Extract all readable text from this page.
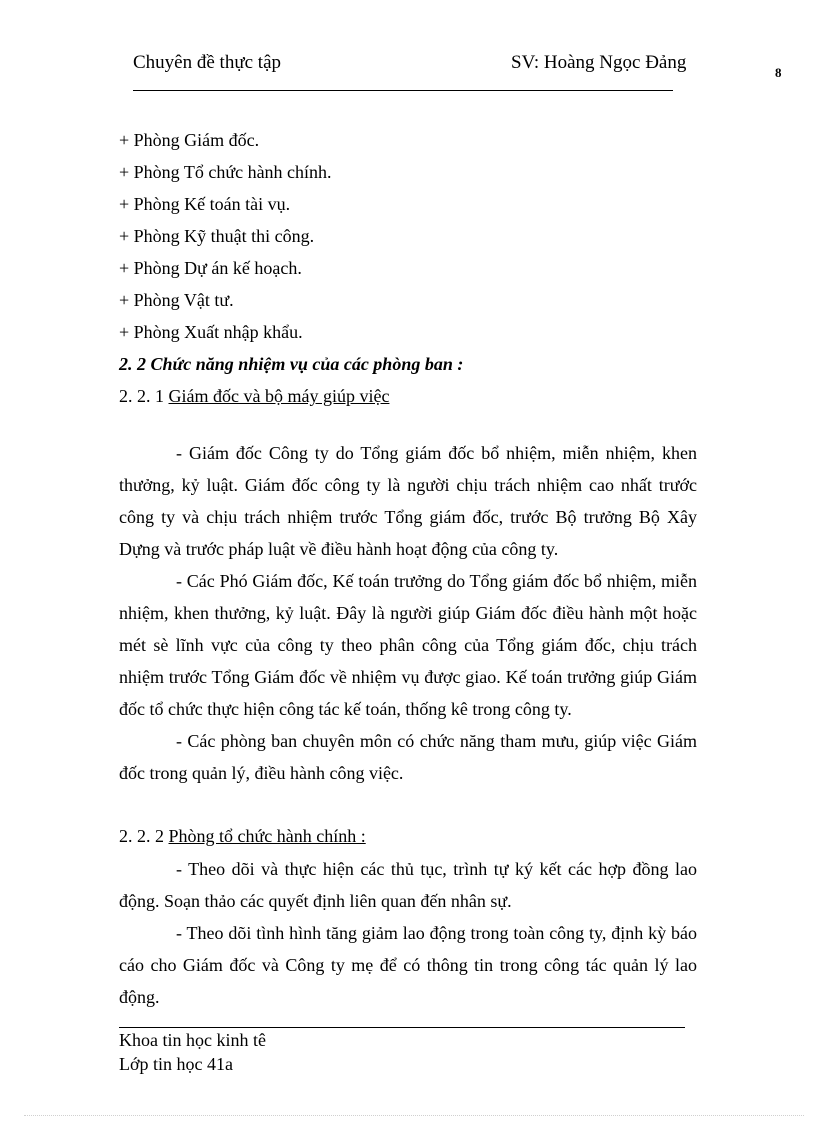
Chuyên đề thực tập	SV: Hoàng Ngọc Đảng	8
+ Phòng Giám đốc.
+ Phòng Tổ chức hành chính.
+ Phòng Kế toán tài vụ.
+ Phòng Kỹ thuật thi công.
+ Phòng Dự án kế hoạch.
+ Phòng Vật tư.
+ Phòng Xuất nhập khẩu.
2. 2 Chức năng nhiệm vụ của các phòng ban :
2. 2. 1 Giám đốc và bộ máy giúp việc

- Giám đốc Công ty do Tổng giám đốc bổ nhiệm, miễn nhiệm, khen thưởng, kỷ luật. Giám đốc công ty là người chịu trách nhiệm cao nhất trước công ty và chịu trách nhiệm trước Tổng giám đốc, trước Bộ trưởng Bộ Xây Dựng và trước pháp luật về điều hành hoạt động của công ty.

- Các Phó Giám đốc, Kế toán trưởng do Tổng giám đốc bổ nhiệm, miễn nhiệm, khen thưởng, kỷ luật. Đây là người giúp Giám đốc điều hành một hoặc mét sè lĩnh vực của công ty theo phân công của Tổng giám đốc, chịu trách nhiệm trước Tổng Giám đốc về nhiệm vụ được giao. Kế toán trưởng giúp Giám đốc tổ chức thực hiện công tác kế toán, thống kê trong công ty.

- Các phòng ban chuyên môn có chức năng tham mưu, giúp việc Giám đốc trong quản lý, điều hành công việc.

2. 2. 2 Phòng tổ chức hành chính :

- Theo dõi và thực hiện các thủ tục, trình tự ký kết các hợp đồng lao động. Soạn thảo các quyết định liên quan đến nhân sự.

- Theo dõi tình hình tăng giảm lao động trong toàn công ty, định kỳ báo cáo cho Giám đốc và Công ty mẹ để có thông tin trong công tác quản lý lao động.

Khoa tin học kinh tê
Lớp tin học 41a
